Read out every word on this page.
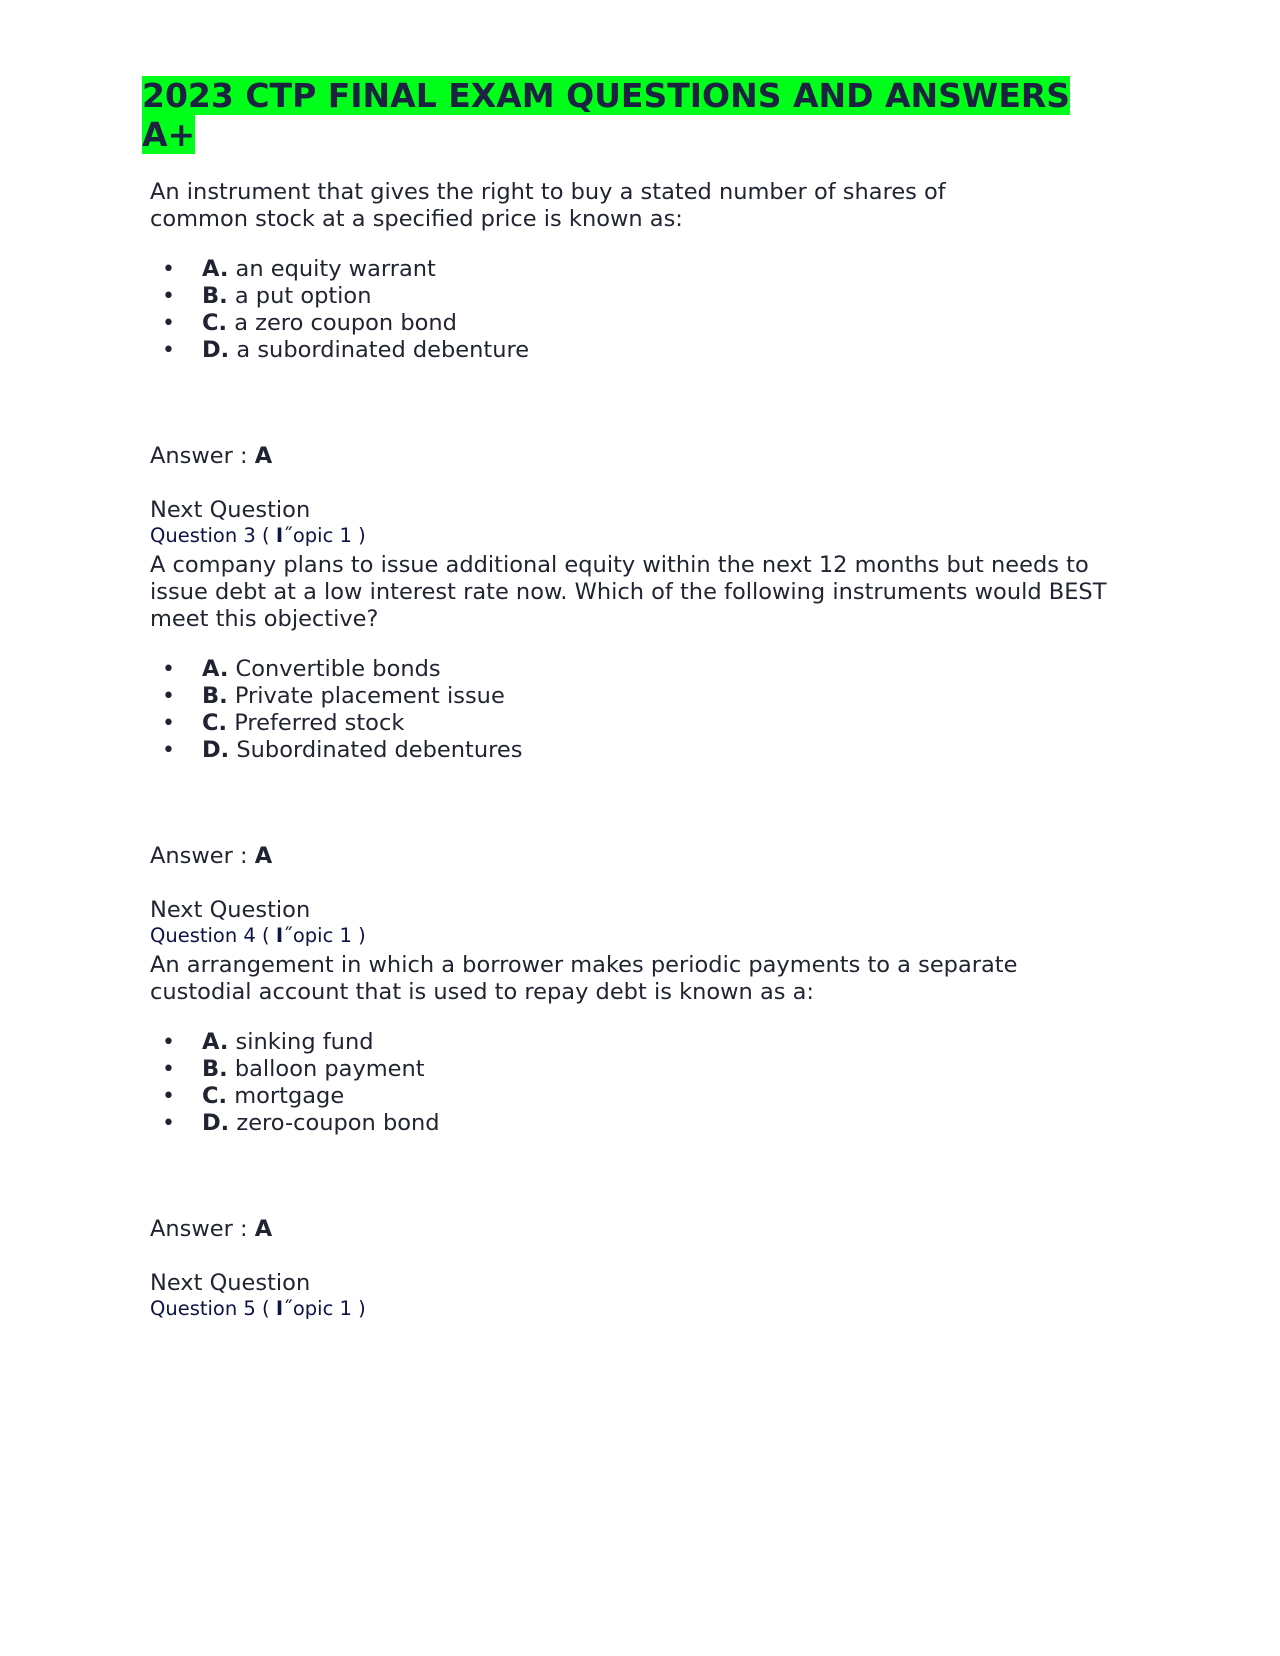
2023 CTP FINAL EXAM QUESTIONS AND ANSWERS A+

An instrument that gives the right to buy a stated number of shares of common stock at a specified price is known as:

• A. an equity warrant
• B. a put option
• C. a zero coupon bond
• D. a subordinated debenture

Answer : A

Next Question

Question 3 ( I˝opic 1 )

A company plans to issue additional equity within the next 12 months but needs to issue debt at a low interest rate now. Which of the following instruments would BEST meet this objective?

• A. Convertible bonds
• B. Private placement issue
• C. Preferred stock
• D. Subordinated debentures

Answer : A

Next Question

Question 4 ( I˝opic 1 )

An arrangement in which a borrower makes periodic payments to a separate custodial account that is used to repay debt is known as a:

• A. sinking fund
• B. balloon payment
• C. mortgage
• D. zero-coupon bond

Answer : A

Next Question

Question 5 ( I˝opic 1 )
